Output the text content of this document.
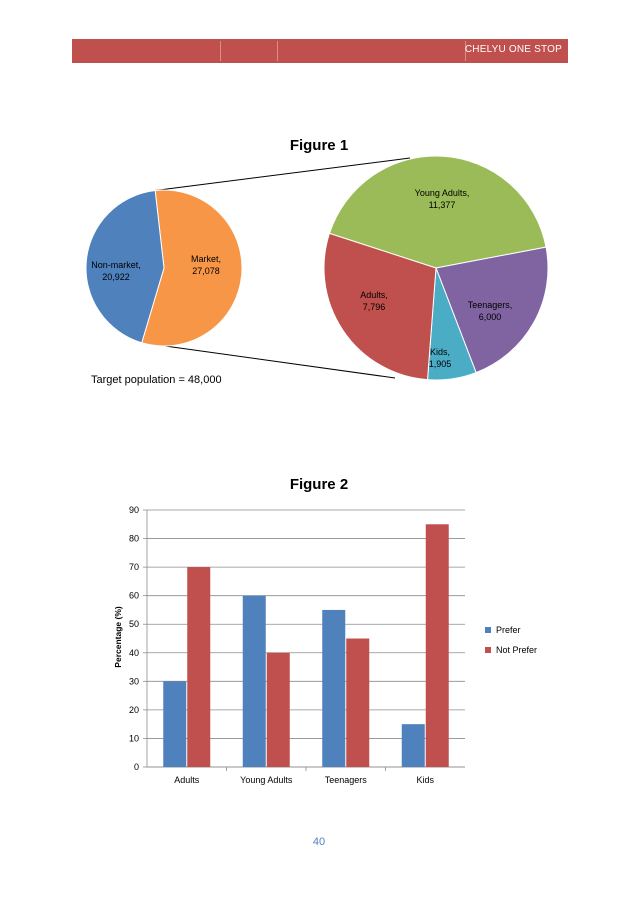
CHELYU ONE STOP
Figure 1
Market, 27,078
Non-market, 20,922
Young Adults, 11,377
Teenagers, 6,000
Kids, 1,905
Adults, 7,796
Target population = 48,000
Figure 2
0
10
20
30
40
50
60
70
80
90
Adults	Young Adults	Teenagers	Kids
Prefer
Not Prefer
Percentage (%)
40
